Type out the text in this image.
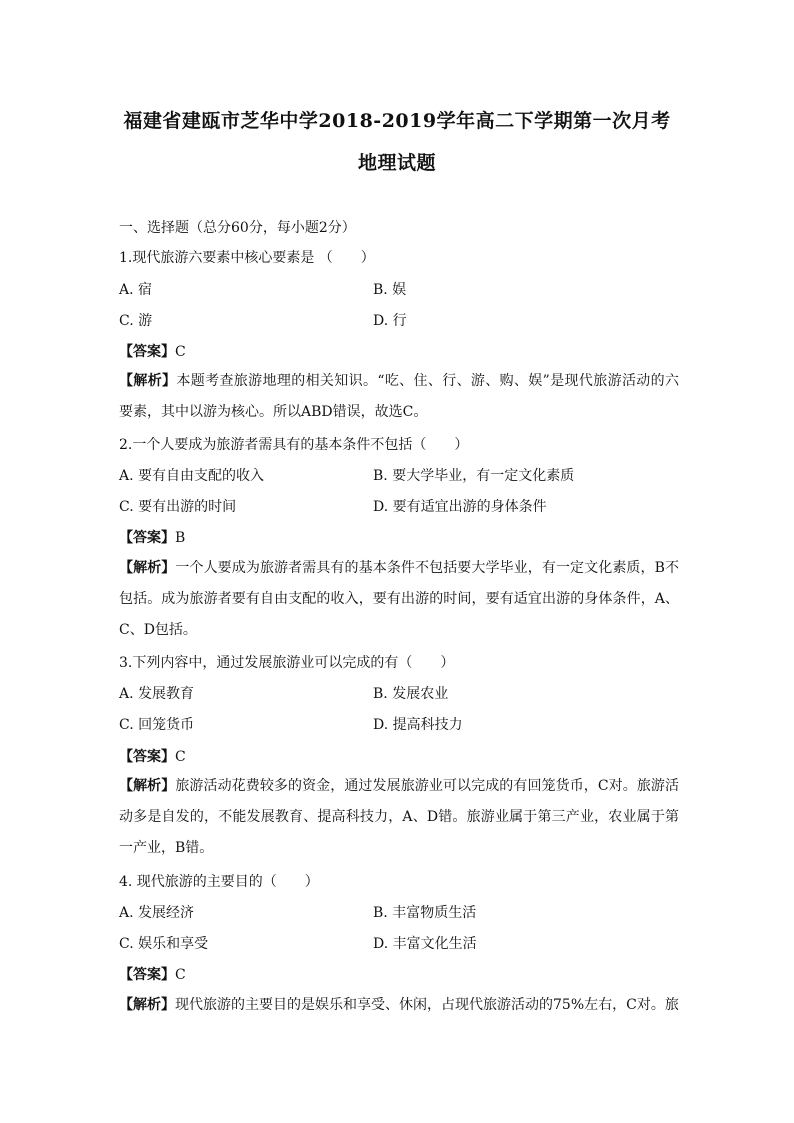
福建省建瓯市芝华中学2018-2019学年高二下学期第一次月考
地理试题
一、选择题（总分60分，每小题2分）
1.现代旅游六要素中核心要素是 （　　）
A. 宿	B. 娱
C. 游	D. 行
【答案】C
【解析】本题考查旅游地理的相关知识。“吃、住、行、游、购、娱”是现代旅游活动的六要素，其中以游为核心。所以ABD错误，故选C。
2.一个人要成为旅游者需具有的基本条件不包括（　　）
A. 要有自由支配的收入	B. 要大学毕业，有一定文化素质
C. 要有出游的时间	D. 要有适宜出游的身体条件
【答案】B
【解析】一个人要成为旅游者需具有的基本条件不包括要大学毕业，有一定文化素质，B不包括。成为旅游者要有自由支配的收入，要有出游的时间，要有适宜出游的身体条件，A、C、D包括。
3.下列内容中，通过发展旅游业可以完成的有（　　）
A. 发展教育	B. 发展农业
C. 回笼货币	D. 提高科技力
【答案】C
【解析】旅游活动花费较多的资金，通过发展旅游业可以完成的有回笼货币，C对。旅游活动多是自发的，不能发展教育、提高科技力，A、D错。旅游业属于第三产业，农业属于第一产业，B错。
4. 现代旅游的主要目的（　　）
A. 发展经济	B. 丰富物质生活
C. 娱乐和享受	D. 丰富文化生活
【答案】C
【解析】现代旅游的主要目的是娱乐和享受、休闲，占现代旅游活动的75%左右，C对。旅
